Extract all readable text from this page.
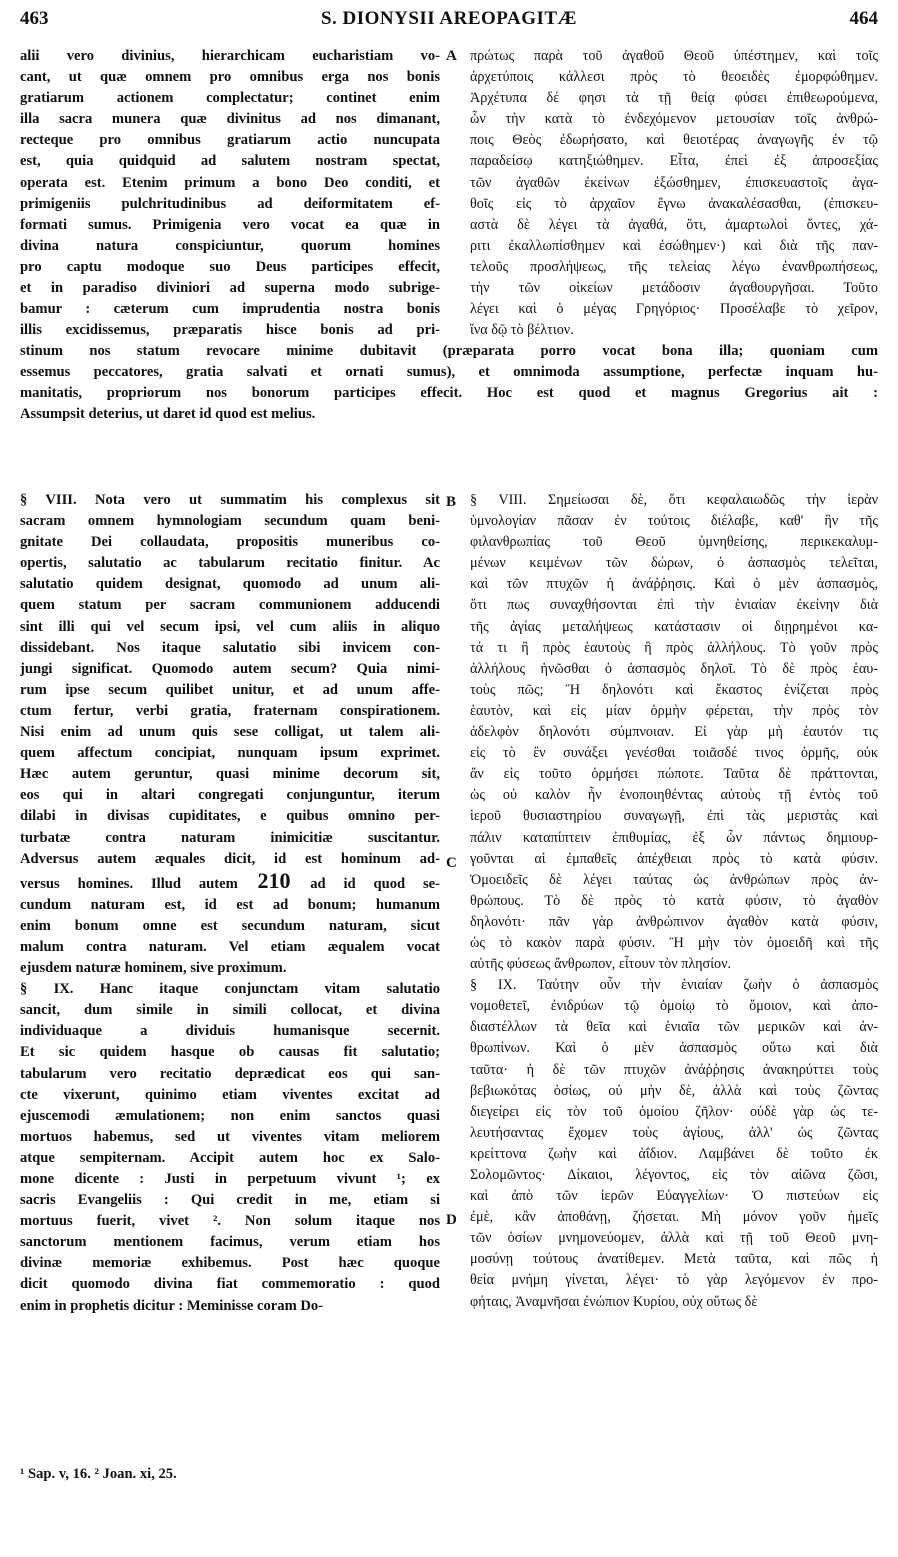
463	S. DIONYSII AREOPAGITÆ	464
alii vero divinius, hierarchicam eucharistiam vo-
cant, ut quæ omnem pro omnibus erga nos bonis
gratiarum actionem complectatur; continet enim
illa sacra munera quæ divinitus ad nos dimanant,
recteque pro omnibus gratiarum actio nuncupata
est, quia quidquid ad salutem nostram spectat,
operata est. Etenim primum a bono Deo conditi, et
primigeniis pulchritudinibus ad deiformitatem ef-
formati sumus. Primigenia vero vocat ea quæ in
divina natura conspiciuntur, quorum homines
pro captu modoque suo Deus participes effecit,
et in paradiso diviniori ad superna modo subrige-
bamur : cæterum cum imprudentia nostra bonis
illis excidissemus, præparatis hisce bonis ad pri-
πρώτως παρὰ τοῦ ἀγαθοῦ Θεοῦ ὑπέστημεν, καὶ τοῖς
ἀρχετύποις κάλλεσι πρὸς τὸ θεοειδὲς ἐμορφώθημεν.
Ἀρχέτυπα δέ φησι τὰ τῇ θείᾳ φύσει ἐπιθεωρούμενα,
ὧν τὴν κατὰ τὸ ἐνδεχόμενον μετουσίαν τοῖς ἀνθρώ-
ποις Θεὸς ἐδωρήσατο, καὶ θειοτέρας ἀναγωγῆς ἐν τῷ
παραδείσῳ κατηξιώθημεν. Εἶτα, ἐπεὶ ἐξ ἀπροσεξίας
τῶν ἀγαθῶν ἐκείνων ἐξώσθημεν, ἐπισκευαστοῖς ἀγα-
θοῖς εἰς τὸ ἀρχαῖον ἔγνω ἀνακαλέσασθαι, (ἐπισκευ-
αστὰ δὲ λέγει τὰ ἀγαθά, ὅτι, ἁμαρτωλοὶ ὄντες, χά-
ριτι ἐκαλλωπίσθημεν καὶ ἐσώθημεν·) καὶ διὰ τῆς παν-
τελοῦς προσλήψεως, τῆς τελείας λέγω ἐνανθρωπήσεως,
τὴν τῶν οἰκείων μετάδοσιν ἀγαθουργῆσαι. Τοῦτο
λέγει καὶ ὁ μέγας Γρηγόριος· Προσέλαβε τὸ χεῖρον,
ἵνα δῷ τὸ βέλτιον.
stinum nos statum revocare minime dubitavit (præparata porro vocat bona illa; quoniam cum
essemus peccatores, gratia salvati et ornati sumus), et omnimoda assumptione, perfectæ inquam hu-
manitatis, propriorum nos bonorum participes effecit. Hoc est quod et magnus Gregorius ait :
Assumpsit deterius, ut daret id quod est melius.
§ VIII. Nota vero ut summatim his complexus sit
sacram omnem hymnologiam secundum quam beni-
gnitate Dei collaudata, propositis muneribus co-
opertis, salutatio ac tabularum recitatio finitur. Ac
salutatio quidem designat, quomodo ad unum ali-
quem statum per sacram communionem adducendi
sint illi qui vel secum ipsi, vel cum aliis in aliquo
dissidebant. Nos itaque salutatio sibi invicem con-
jungi significat. Quomodo autem secum? Quia nimi-
rum ipse secum quilibet unitur, et ad unum affe-
ctum fertur, verbi gratia, fraternam conspirationem.
Nisi enim ad unum quis sese colligat, ut talem ali-
quem affectum concipiat, nunquam ipsum exprimet.
Hæc autem geruntur, quasi minime decorum sit,
eos qui in altari congregati conjunguntur, iterum
dilabi in divisas cupiditates, e quibus omnino per-
turbatæ contra naturam inimicitiæ suscitantur.
Adversus autem æquales dicit, id est hominum ad-
versus homines. Illud autem 210 ad id quod se-
cundum naturam est, id est ad bonum; humanum
enim bonum omne est secundum naturam, sicut
malum contra naturam. Vel etiam æqualem vocat
ejusdem naturæ hominem, sive proximum.
§ IX. Hanc itaque conjunctam vitam salutatio
sancit, dum simile in simili collocat, et divina
individuaque a dividuis humanisque secernit.
Et sic quidem hasque ob causas fit salutatio;
tabularum vero recitatio deprædicat eos qui san-
cte vixerunt, quinimo etiam viventes excitat ad
ejuscemodi æmulationem; non enim sanctos quasi
mortuos habemus, sed ut viventes vitam meliorem
atque sempiternam. Accipit autem hoc ex Salo-
mone dicente : Justi in perpetuum vivunt ¹; ex
sacris Evangeliis : Qui credit in me, etiam si
mortuus fuerit, vivet ². Non solum itaque nos
sanctorum mentionem facimus, verum etiam hos
divinæ memoriæ exhibemus. Post hæc quoque
dicit quomodo divina fiat commemoratio : quod
enim in prophetis dicitur : Meminisse coram Do-
§ VIII. Σημείωσαι δὲ, ὅτι κεφαλαιωδῶς τὴν ἱερὰν
ὑμνολογίαν πᾶσαν ἐν τούτοις διέλαβε, καθ' ἣν τῆς
φιλανθρωπίας τοῦ Θεοῦ ὑμνηθείσης, περικεκαλυμ-
μένων κειμένων τῶν δώρων, ὁ ἀσπασμὸς τελεῖται,
καὶ τῶν πτυχῶν ἡ ἀνάῤῥησις. Καὶ ὁ μὲν ἀσπασμὸς,
ὅτι πως συναχθήσονται ἐπὶ τὴν ἑνιαίαν ἐκείνην διὰ
τῆς ἁγίας μεταλήψεως κατάστασιν οἱ διῃρημένοι κα-
τά τι ἢ πρὸς ἑαυτοὺς ἢ πρὸς ἀλλήλους. Τὸ γοῦν πρὸς
ἀλλήλους ἡνῶσθαι ὁ ἀσπασμὸς δηλοῖ. Τὸ δὲ πρὸς ἑαυ-
τοὺς πῶς; Ἢ δηλονότι καὶ ἕκαστος ἑνίζεται πρὸς
ἑαυτὸν, καὶ εἰς μίαν ὁρμὴν φέρεται, τὴν πρὸς τὸν
ἀδελφὸν δηλονότι σύμπνοιαν. Εἰ γὰρ μὴ ἑαυτόν τις
εἰς τὸ ἓν συνάξει γενέσθαι τοιᾶσδέ τινος ὁρμῆς, οὐκ
ἄν εἰς τοῦτο ὁρμήσει πώποτε. Ταῦτα δὲ πράττονται,
ὡς οὐ καλὸν ἦν ἑνοποιηθέντας αὐτοὺς τῇ ἐντὸς τοῦ
ἱεροῦ θυσιαστηρίου συναγωγῇ, ἐπὶ τὰς μεριστὰς καὶ
πάλιν καταπίπτειν ἐπιθυμίας, ἐξ ὧν πάντως δημιουρ-
γοῦνται αἱ ἐμπαθεῖς ἀπέχθειαι πρὸς τὸ κατὰ φύσιν.
Ὁμοειδεῖς δὲ λέγει ταύτας ὡς ἀνθρώπων πρὸς ἀν-
θρώπους. Τὸ δὲ πρὸς τὸ κατὰ φύσιν, τὸ ἀγαθὸν
δηλονότι· πᾶν γὰρ ἀνθρώπινον ἀγαθὸν κατὰ φύσιν,
ὡς τὸ κακὸν παρὰ φύσιν. Ἢ μὴν τὸν ὁμοειδῆ καὶ τῆς
αὐτῆς φύσεως ἄνθρωπον, εἶτουν τὸν πλησίον.
§ IX. Ταύτην οὖν τὴν ἑνιαίαν ζωὴν ὁ ἀσπασμὸς
νομοθετεῖ, ἐνιδρύων τῷ ὁμοίῳ τὸ ὅμοιον, καὶ ἀπο-
διαστέλλων τὰ θεῖα καὶ ἑνιαῖα τῶν μερικῶν καὶ ἀν-
θρωπίνων. Καὶ ὁ μὲν ἀσπασμὸς οὕτω καὶ διὰ
ταῦτα· ἡ δὲ τῶν πτυχῶν ἀνάῤῥησις ἀνακηρύττει τοὺς
βεβιωκότας ὁσίως, οὐ μὴν δὲ, ἀλλὰ καὶ τοὺς ζῶντας
διεγείρει εἰς τὸν τοῦ ὁμοίου ζῆλον· οὐδὲ γὰρ ὡς τε-
λευτήσαντας ἔχομεν τοὺς ἁγίους, ἀλλ' ὡς ζῶντας
κρείττονα ζωὴν καὶ ἀΐδιον. Λαμβάνει δὲ τοῦτο ἐκ
Σολομῶντος· Δίκαιοι, λέγοντος, εἰς τὸν αἰῶνα ζῶσι,
καὶ ἀπὸ τῶν ἱερῶν Εὐαγγελίων· Ὁ πιστεύων εἰς
ἐμὲ, κἂν ἀποθάνῃ, ζήσεται. Μὴ μόνον γοῦν ἡμεῖς
τῶν ὁσίων μνημονεύομεν, ἀλλὰ καὶ τῇ τοῦ Θεοῦ μνη-
μοσύνῃ τούτους ἀνατίθεμεν. Μετὰ ταῦτα, καὶ πῶς ἡ
θεία μνήμη γίνεται, λέγει· τὸ γὰρ λεγόμενον ἐν προ-
φήταις, Ἀναμνῆσαι ἐνώπιον Κυρίου, οὐχ οὕτως δὲ
A
B
C
D
¹ Sap. v, 16. ² Joan. xi, 25.
